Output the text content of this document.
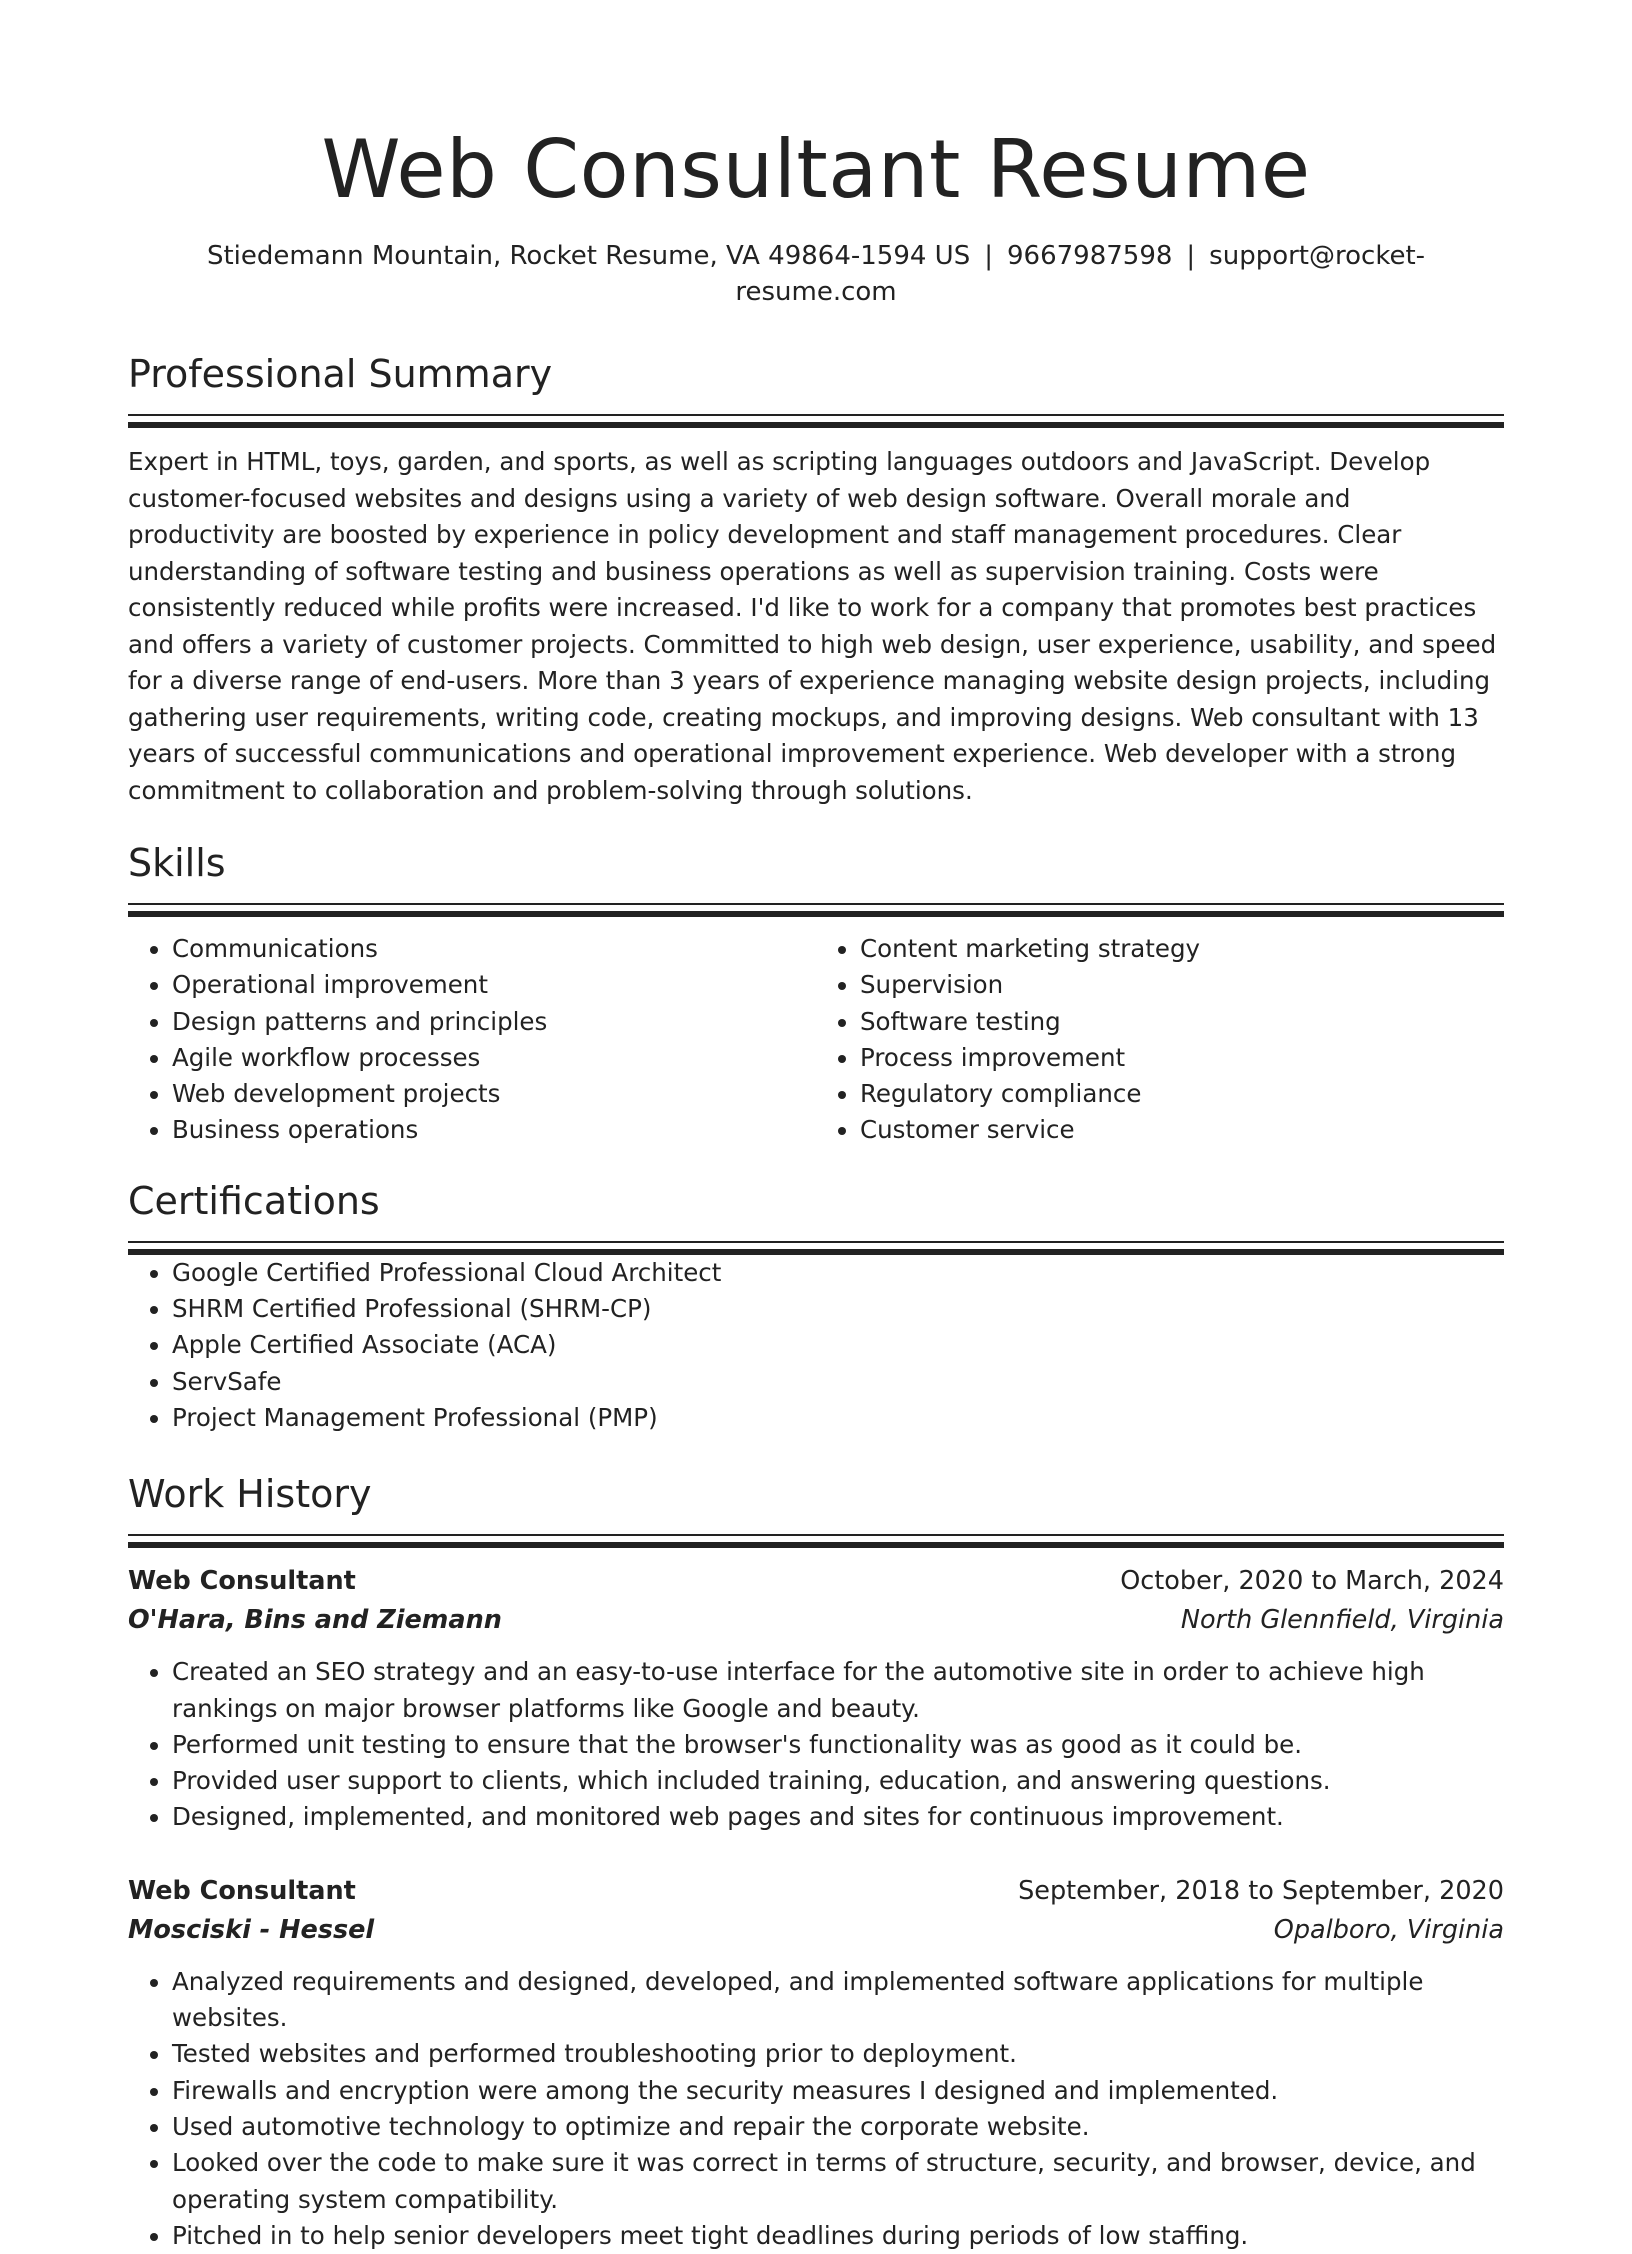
Web Consultant Resume
Stiedemann Mountain, Rocket Resume, VA 49864-1594 US | 9667987598 | support@rocket-resume.com
Professional Summary

Expert in HTML, toys, garden, and sports, as well as scripting languages outdoors and JavaScript. Develop customer-focused websites and designs using a variety of web design software. Overall morale and productivity are boosted by experience in policy development and staff management procedures. Clear understanding of software testing and business operations as well as supervision training. Costs were consistently reduced while profits were increased. I'd like to work for a company that promotes best practices and offers a variety of customer projects. Committed to high web design, user experience, usability, and speed for a diverse range of end-users. More than 3 years of experience managing website design projects, including gathering user requirements, writing code, creating mockups, and improving designs. Web consultant with 13 years of successful communications and operational improvement experience. Web developer with a strong commitment to collaboration and problem-solving through solutions.

Skills
• Communications
• Operational improvement
• Design patterns and principles
• Agile workflow processes
• Web development projects
• Business operations
• Content marketing strategy
• Supervision
• Software testing
• Process improvement
• Regulatory compliance
• Customer service
Certifications
• Google Certified Professional Cloud Architect
• SHRM Certified Professional (SHRM-CP)
• Apple Certified Associate (ACA)
• ServSafe
• Project Management Professional (PMP)
Work History
Web Consultant	October, 2020 to March, 2024
O'Hara, Bins and Ziemann	North Glennfield, Virginia
• Created an SEO strategy and an easy-to-use interface for the automotive site in order to achieve high rankings on major browser platforms like Google and beauty.
• Performed unit testing to ensure that the browser's functionality was as good as it could be.
• Provided user support to clients, which included training, education, and answering questions.
• Designed, implemented, and monitored web pages and sites for continuous improvement.
Web Consultant	September, 2018 to September, 2020
Mosciski - Hessel	Opalboro, Virginia
• Analyzed requirements and designed, developed, and implemented software applications for multiple websites.
• Tested websites and performed troubleshooting prior to deployment.
• Firewalls and encryption were among the security measures I designed and implemented.
• Used automotive technology to optimize and repair the corporate website.
• Looked over the code to make sure it was correct in terms of structure, security, and browser, device, and operating system compatibility.
• Pitched in to help senior developers meet tight deadlines during periods of low staffing.
